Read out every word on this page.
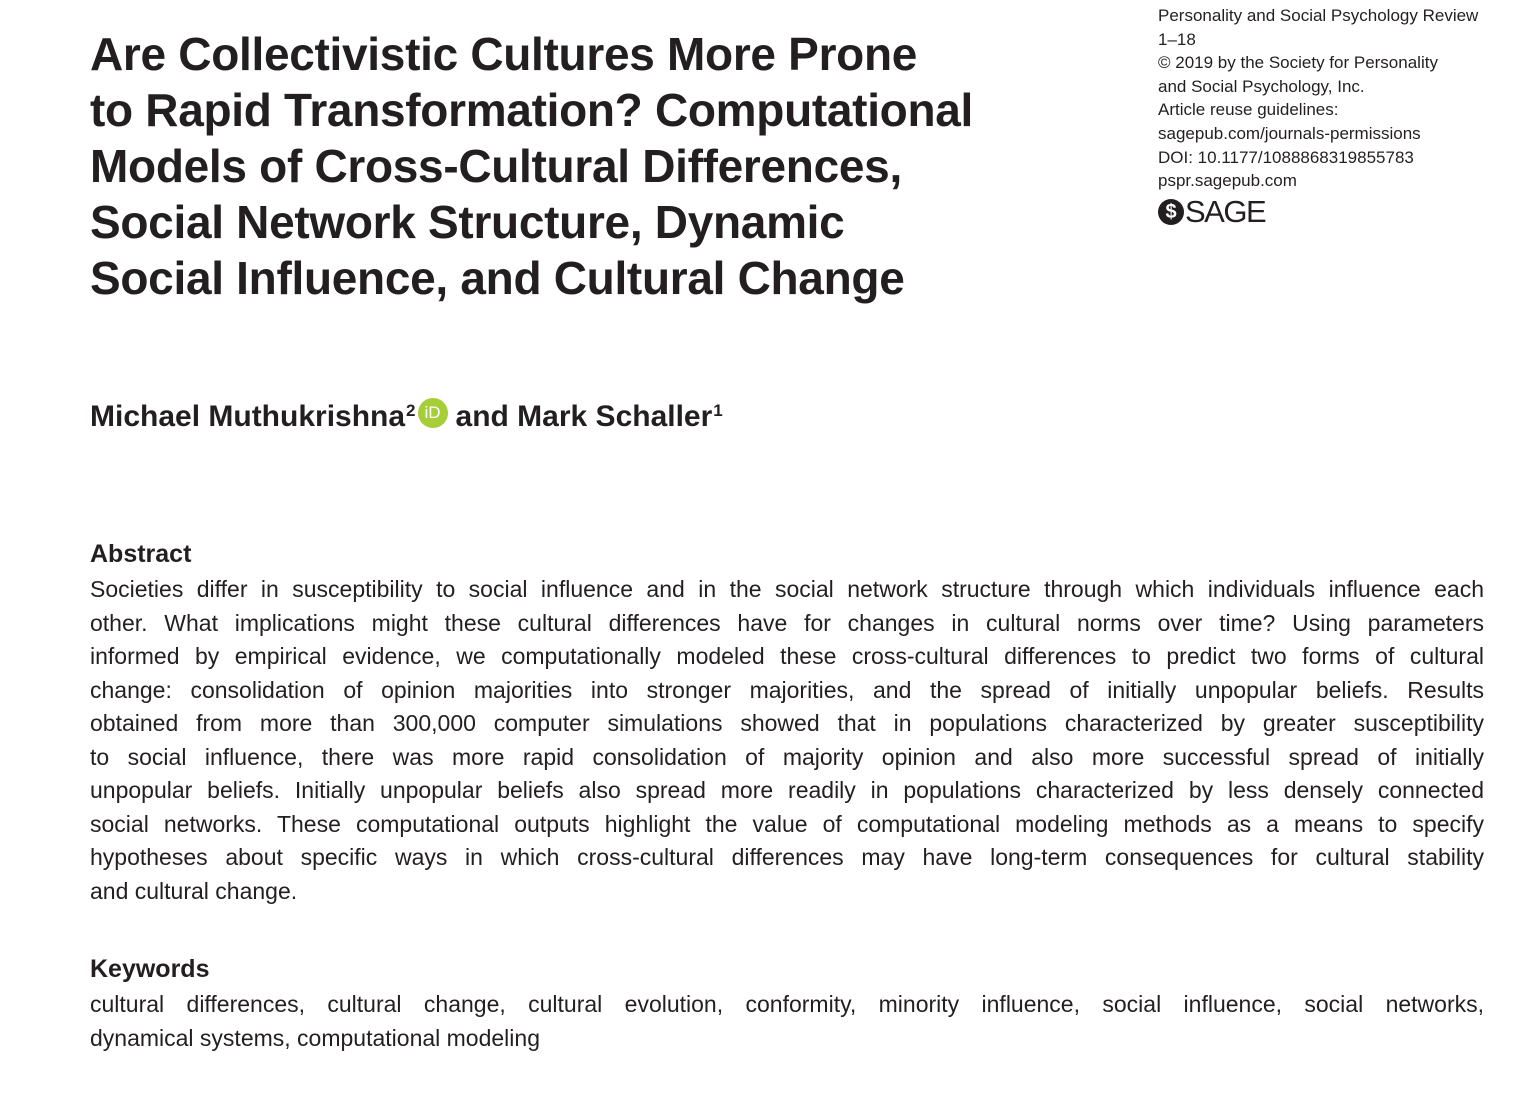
Are Collectivistic Cultures More Prone
to Rapid Transformation? Computational
Models of Cross-Cultural Differences,
Social Network Structure, Dynamic
Social Influence, and Cultural Change
Personality and Social Psychology Review
1–18
© 2019 by the Society for Personality
and Social Psychology, Inc.
Article reuse guidelines:
sagepub.com/journals-permissions
DOI: 10.1177/1088868319855783
pspr.sagepub.com
$ SAGE
Michael Muthukrishna$^2$ iD and Mark Schaller$^1$
Abstract
Societies differ in susceptibility to social influence and in the social network structure through which individuals influence each
other. What implications might these cultural differences have for changes in cultural norms over time? Using parameters
informed by empirical evidence, we computationally modeled these cross-cultural differences to predict two forms of cultural
change: consolidation of opinion majorities into stronger majorities, and the spread of initially unpopular beliefs. Results
obtained from more than 300,000 computer simulations showed that in populations characterized by greater susceptibility
to social influence, there was more rapid consolidation of majority opinion and also more successful spread of initially
unpopular beliefs. Initially unpopular beliefs also spread more readily in populations characterized by less densely connected
social networks. These computational outputs highlight the value of computational modeling methods as a means to specify
hypotheses about specific ways in which cross-cultural differences may have long-term consequences for cultural stability
and cultural change.
Keywords
cultural differences, cultural change, cultural evolution, conformity, minority influence, social influence, social networks,
dynamical systems, computational modeling
